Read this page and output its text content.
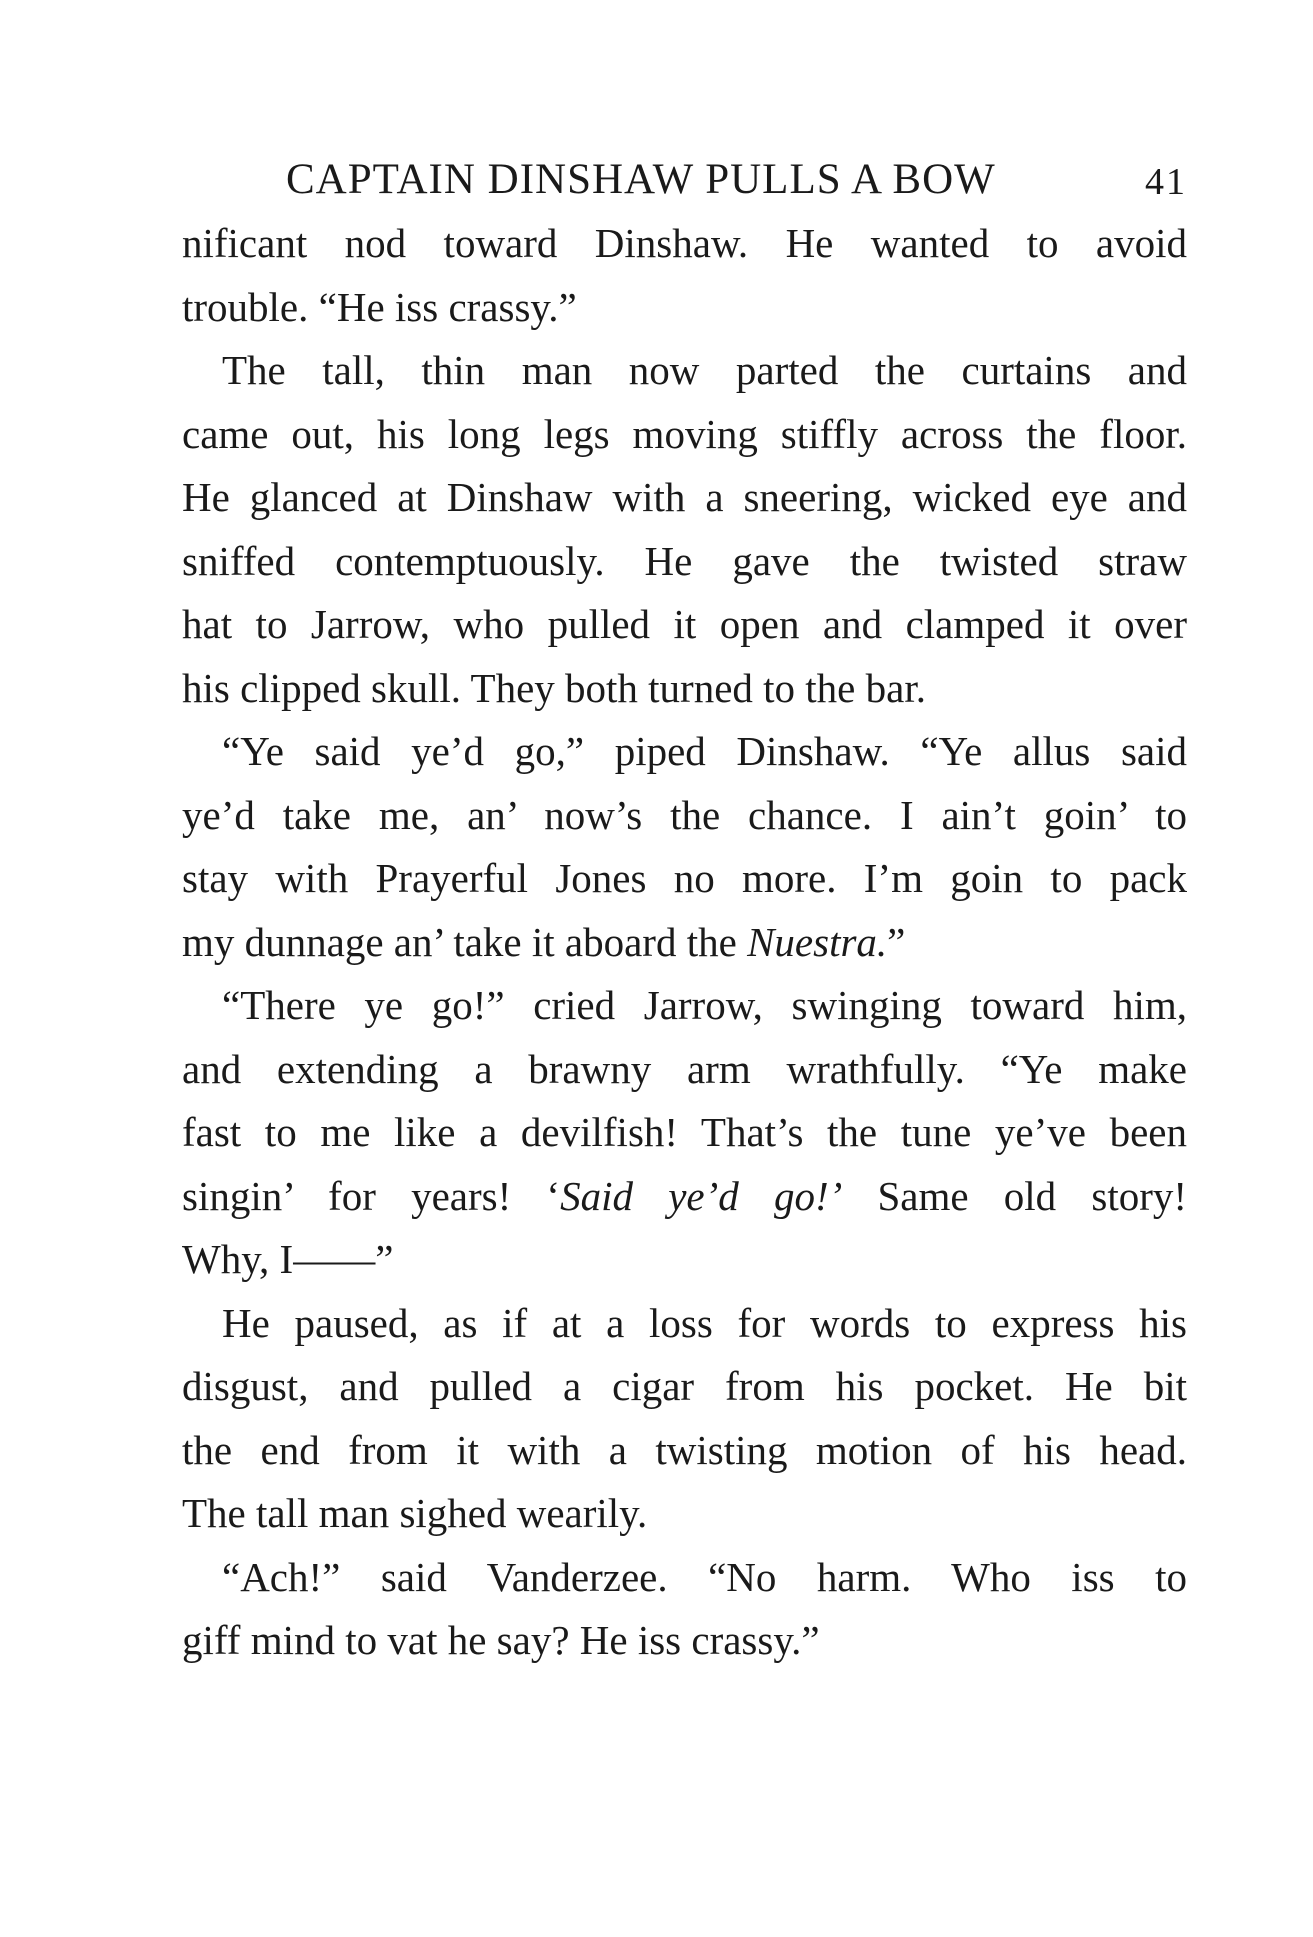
CAPTAIN DINSHAW PULLS A BOW	41

nificant nod toward Dinshaw. He wanted to avoid
trouble. “He iss crassy.”

The tall, thin man now parted the curtains and
came out, his long legs moving stiffly across the floor.
He glanced at Dinshaw with a sneering, wicked eye and
sniffed contemptuously. He gave the twisted straw
hat to Jarrow, who pulled it open and clamped it over
his clipped skull. They both turned to the bar.

“Ye said ye’d go,” piped Dinshaw. “Ye allus said
ye’d take me, an’ now’s the chance. I ain’t goin’ to
stay with Prayerful Jones no more. I’m goin to pack
my dunnage an’ take it aboard the Nuestra.”

“There ye go!” cried Jarrow, swinging toward him,
and extending a brawny arm wrathfully. “Ye make
fast to me like a devilfish! That’s the tune ye’ve been
singin’ for years! ‘Said ye’d go!’ Same old story!
Why, I——”

He paused, as if at a loss for words to express his
disgust, and pulled a cigar from his pocket. He bit
the end from it with a twisting motion of his head.
The tall man sighed wearily.

“Ach!” said Vanderzee. “No harm. Who iss to
giff mind to vat he say? He iss crassy.”
